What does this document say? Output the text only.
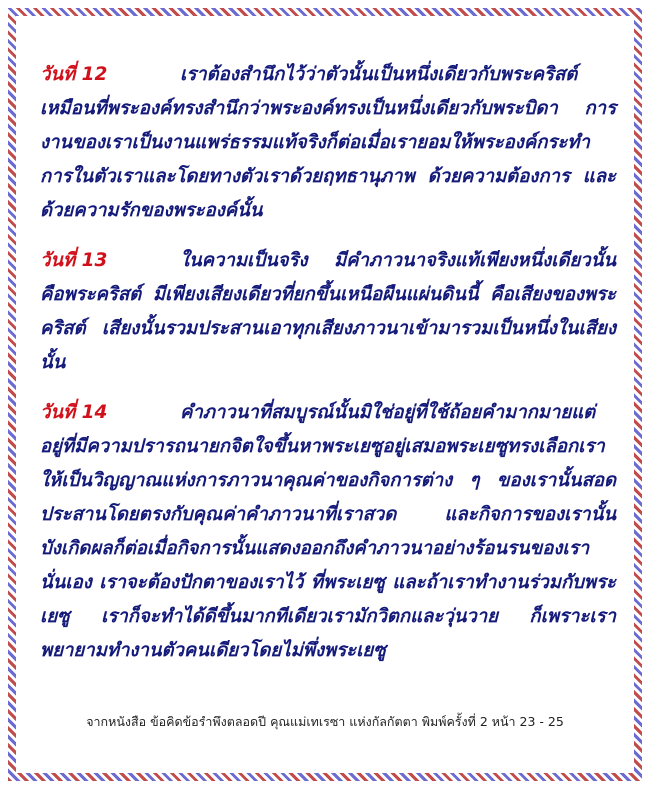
วันที่ 12	เราต้องสำนึกไว้ว่าตัวนั้นเป็นหนึ่งเดียวกับพระคริสต์ เหมือนที่พระองค์ทรงสำนึกว่าพระองค์ทรงเป็นหนึ่งเดียวกับพระบิดา การงานของเราเป็นงานแพร่ธรรมแท้จริงก็ต่อเมื่อเรายอมให้พระองค์กระทำการในตัวเราและโดยทางตัวเราด้วยฤทธานุภาพ ด้วยความต้องการ และด้วยความรักของพระองค์นั้น

วันที่ 13	ในความเป็นจริง มีคำภาวนาจริงแท้เพียงหนึ่งเดียวนั้นคือพระคริสต์ มีเพียงเสียงเดียวที่ยกขึ้นเหนือผืนแผ่นดินนี้ คือเสียงของพระคริสต์ เสียงนั้นรวมประสานเอาทุกเสียงภาวนาเข้ามารวมเป็นหนึ่งในเสียงนั้น

วันที่ 14	คำภาวนาที่สมบูรณ์นั้นมิใช่อยู่ที่ใช้ถ้อยคำมากมายแต่อยู่ที่มีความปรารถนายกจิตใจขึ้นหาพระเยซูอยู่เสมอพระเยซูทรงเลือกเราให้เป็นวิญญาณแห่งการภาวนาคุณค่าของกิจการต่าง ๆ ของเรานั้นสอดประสานโดยตรงกับคุณค่าคำภาวนาที่เราสวด และกิจการของเรานั้นบังเกิดผลก็ต่อเมื่อกิจการนั้นแสดงออกถึงคำภาวนาอย่างร้อนรนของเรานั่นเอง เราจะต้องปักตาของเราไว้ ที่พระเยซู และถ้าเราทำงานร่วมกับพระเยซู เราก็จะทำได้ดีขึ้นมากทีเดียวเรามักวิตกและวุ่นวาย ก็เพราะเราพยายามทำงานตัวคนเดียวโดยไม่พึ่งพระเยซู

จากหนังสือ ข้อคิดข้อรำพึงตลอดปี คุณแม่เทเรซา แห่งกัลกัตตา พิมพ์ครั้งที่ 2 หน้า 23 - 25
